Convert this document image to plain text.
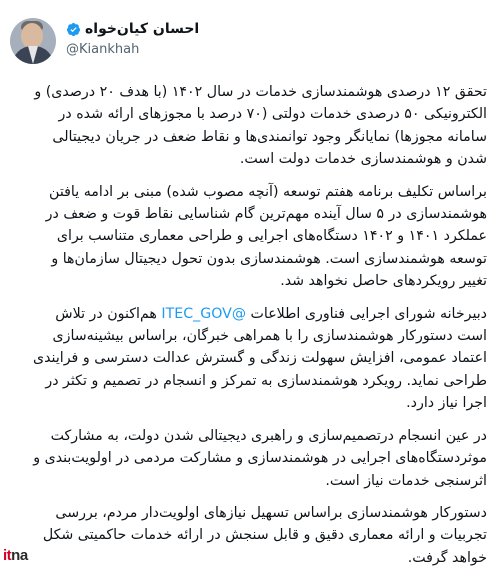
احسان کیان‌خواه
@Kiankhah

تحقق ۱۲ درصدی هوشمندسازی خدمات در سال ۱۴۰۲ (با هدف ۲۰ درصدی) و
الکترونیکی ۵۰ درصدی خدمات دولتی (۷۰ درصد با مجوزهای ارائه شده در
سامانه مجوزها) نمایانگر وجود توانمندی‌ها و نقاط ضعف در جریان دیجیتالی
شدن و هوشمندسازی خدمات دولت است.

براساس تکلیف برنامه هفتم توسعه (آنچه مصوب شده) مبنی بر ادامه یافتن
هوشمندسازی در ۵ سال آینده مهم‌ترین گام شناسایی نقاط قوت و ضعف در
عملکرد ۱۴۰۱ و ۱۴۰۲ دستگاه‌های اجرایی و طراحی معماری متناسب برای
توسعه هوشمندسازی است. هوشمندسازی بدون تحول دیجیتال سازمان‌ها و
تغییر رویکردهای حاصل نخواهد شد.

دبیرخانه شورای اجرایی فناوری اطلاعات @ITEC_GOV هم‌اکنون در تلاش
است دستورکار هوشمندسازی را با همراهی خبرگان، براساس بیشینه‌سازی
اعتماد عمومی، افزایش سهولت زندگی و گسترش عدالت دسترسی و فرایندی
طراحی نماید. رویکرد هوشمندسازی به تمرکز و انسجام در تصمیم و تکثر در
اجرا نیاز دارد.

در عین انسجام درتصمیم‌سازی و راهبری دیجیتالی شدن دولت، به مشارکت
موثردستگاه‌های اجرایی در هوشمندسازی و مشارکت مردمی در اولویت‌بندی و
اثرسنجی خدمات نیاز است.

دستورکار هوشمندسازی براساس تسهیل نیازهای اولویت‌دار مردم، بررسی
تجربیات و ارائه معماری دقیق و قابل سنجش در ارائه خدمات حاکمیتی شکل
خواهد گرفت.

it na
